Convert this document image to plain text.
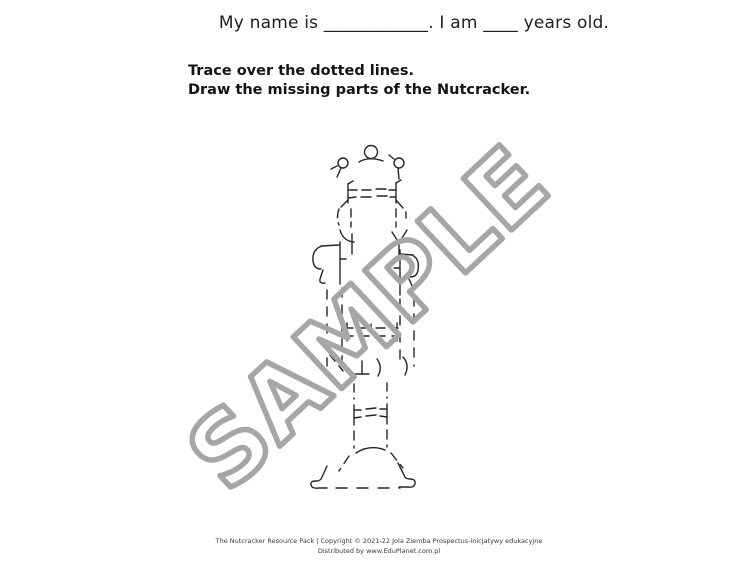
My name is ____________. I am ____ years old.
Trace over the dotted lines.
Draw the missing parts of the Nutcracker.
SAMPLE
The Nutcracker Resource Pack | Copyright © 2021-22 Jola Ziemba Prospectus-inicjatywy edukacyjne
Distributed by www.EduPlanet.com.pl
